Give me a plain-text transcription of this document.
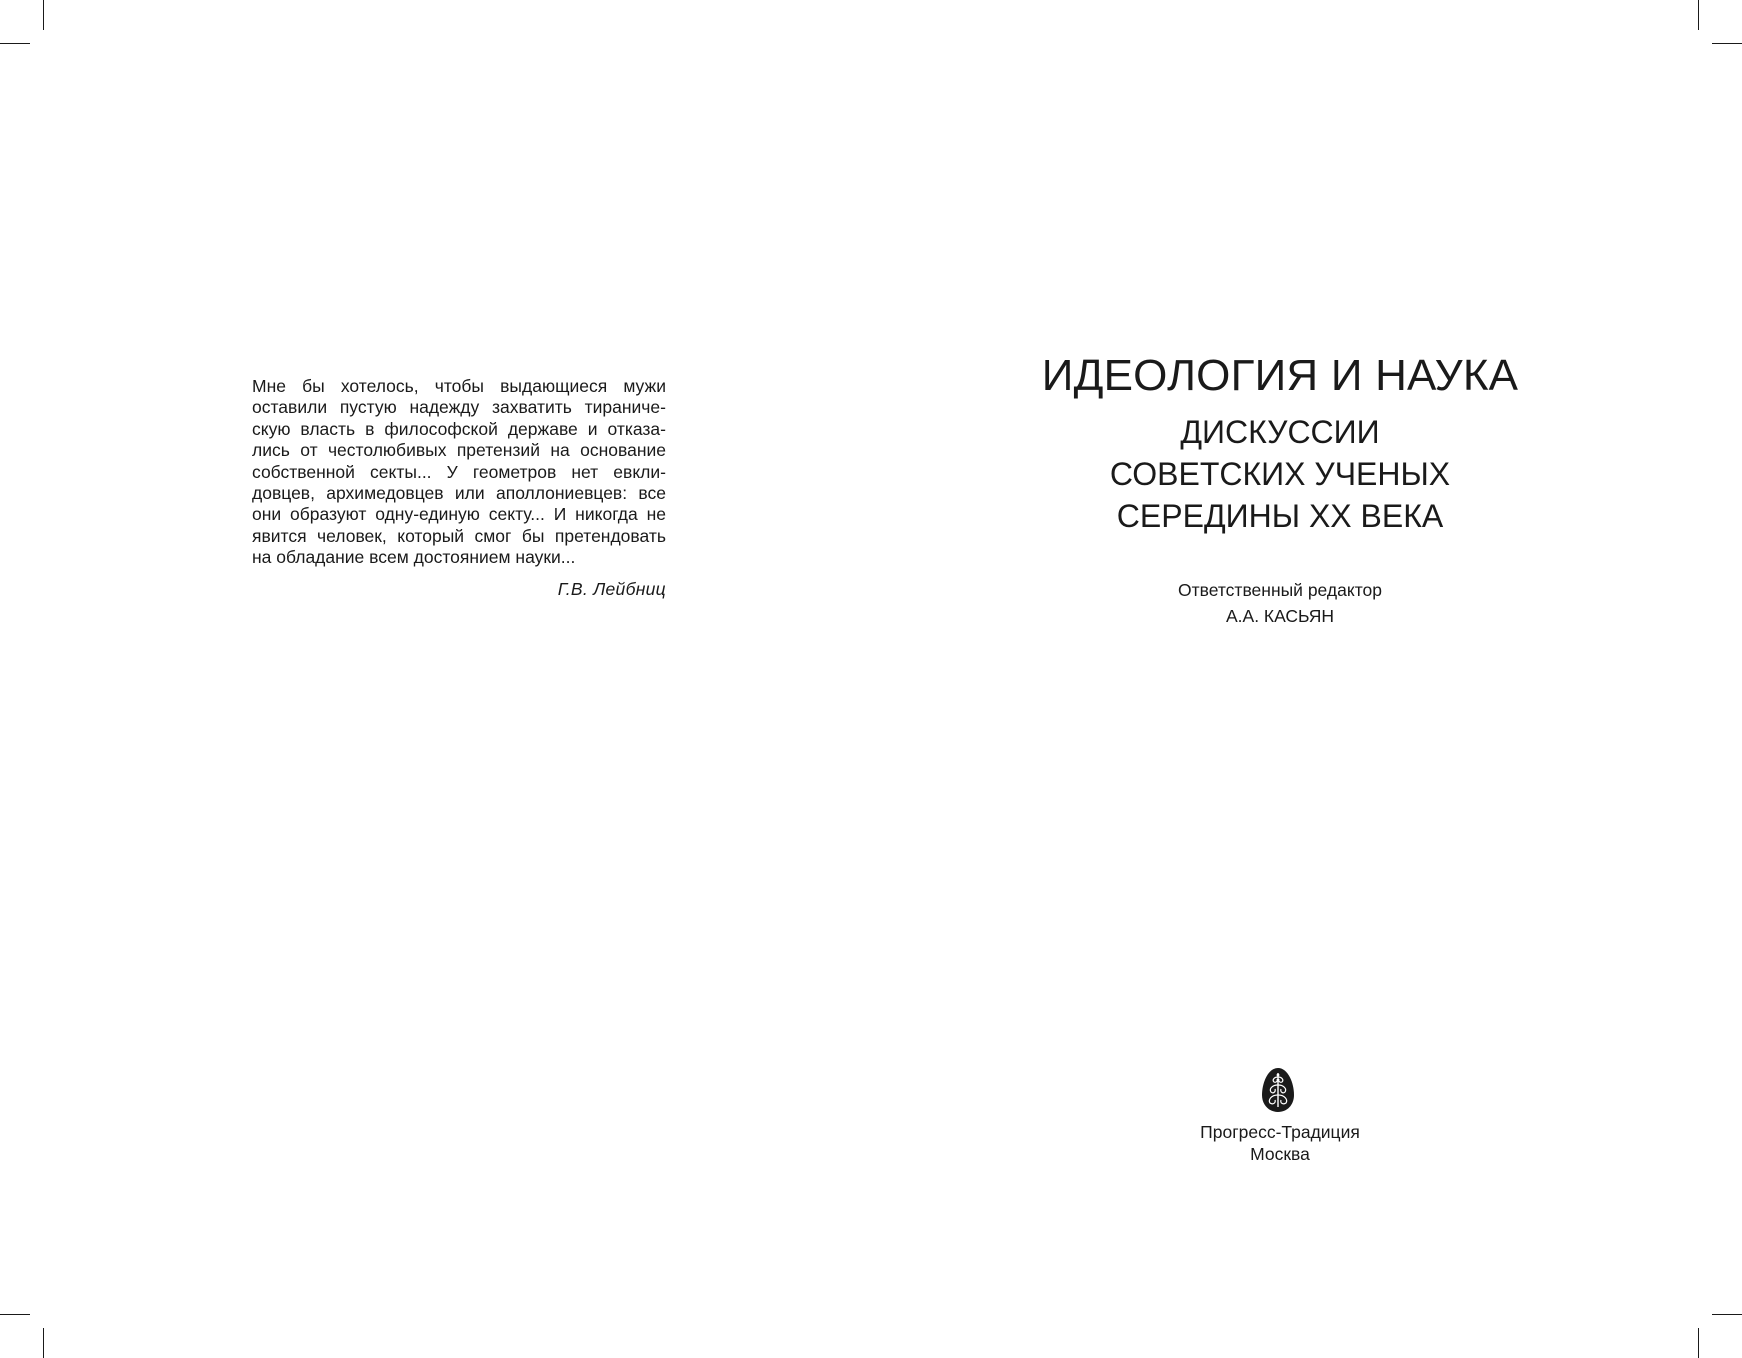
Мне бы хотелось, чтобы выдающиеся мужи
оставили пустую надежду захватить тираниче-
скую власть в философской державе и отказа-
лись от честолюбивых претензий на основание
собственной секты... У геометров нет евкли-
довцев, архимедовцев или аполлониевцев: все
они образуют одну-единую секту... И никогда не
явится человек, который смог бы претендовать
на обладание всем достоянием науки...
Г.В. Лейбниц
ИДЕОЛОГИЯ И НАУКА
ДИСКУССИИ
СОВЕТСКИХ УЧЕНЫХ
СЕРЕДИНЫ XX ВЕКА
Ответственный редактор
А.А. КАСЬЯН
Прогресс-Традиция
Москва
